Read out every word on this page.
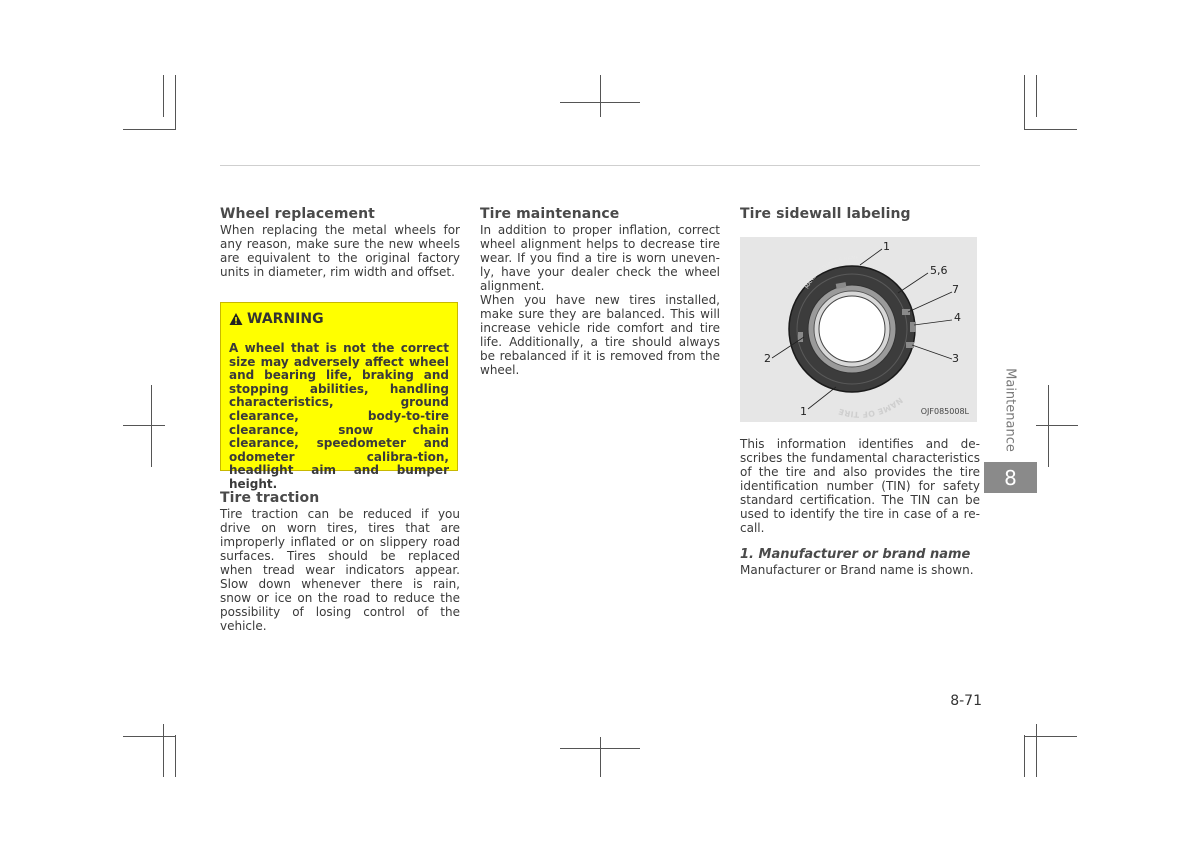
Wheel replacement

When replacing the metal wheels for any reason, make sure the new wheels are equivalent to the original factory units in diameter, rim width and offset.

WARNING

A wheel that is not the correct size may adversely affect wheel and bearing life, braking and stopping abilities, handling characteristics, ground clearance, body-to-tire clearance, snow chain clearance, speedometer and odometer calibra-tion, headlight aim and bumper height.

Tire traction

Tire traction can be reduced if you drive on worn tires, tires that are improperly inflated or on slippery road surfaces. Tires should be replaced when tread wear indicators appear. Slow down whenever there is rain, snow or ice on the road to reduce the possibility of losing control of the vehicle.

Tire maintenance

In addition to proper inflation, correct wheel alignment helps to decrease tire wear. If you find a tire is worn uneven-ly, have your dealer check the wheel alignment.

When you have new tires installed, make sure they are balanced. This will increase vehicle ride comfort and tire life. Additionally, a tire should always be rebalanced if it is removed from the wheel.

Tire sidewall labeling
MANUFACTURER'S NAME
NAME OF TIRE
1
5,6
7
4
2	3
1	OJF085008L

This information identifies and de-scribes the fundamental characteristics of the tire and also provides the tire identification number (TIN) for safety standard certification. The TIN can be used to identify the tire in case of a re-call.

1. Manufacturer or brand name

Manufacturer or Brand name is shown.

Maintenance
8
8-71
